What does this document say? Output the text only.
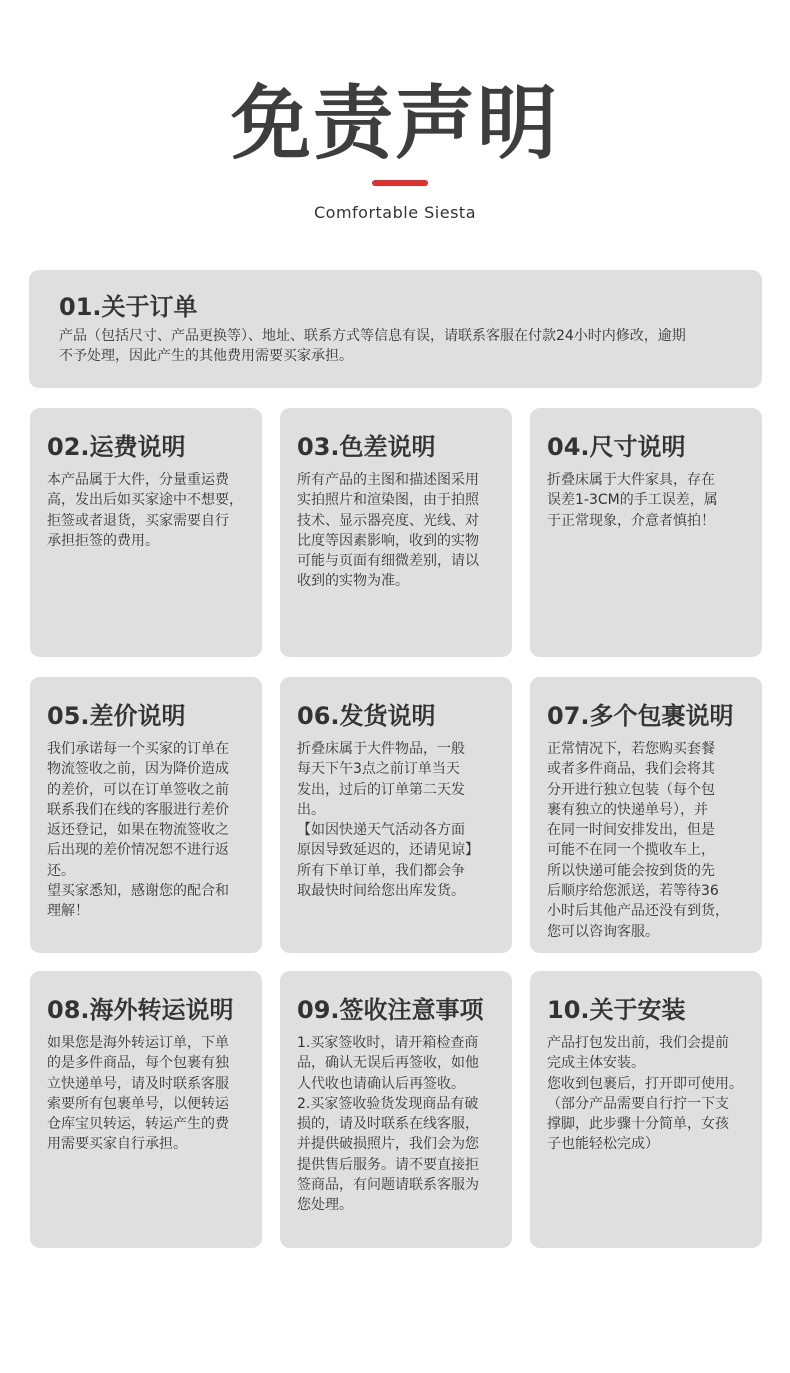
免责声明
Comfortable Siesta
01.关于订单
产品（包括尺寸、产品更换等）、地址、联系方式等信息有误，请联系客服在付款24小时内修改，逾期
不予处理，因此产生的其他费用需要买家承担。
02.运费说明
本产品属于大件，分量重运费
高，发出后如买家途中不想要，
拒签或者退货，买家需要自行
承担拒签的费用。
03.色差说明
所有产品的主图和描述图采用
实拍照片和渲染图，由于拍照
技术、显示器亮度、光线、对
比度等因素影响，收到的实物
可能与页面有细微差别，请以
收到的实物为准。
04.尺寸说明
折叠床属于大件家具，存在
误差1-3CM的手工误差，属
于正常现象，介意者慎拍！
05.差价说明
我们承诺每一个买家的订单在
物流签收之前，因为降价造成
的差价，可以在订单签收之前
联系我们在线的客服进行差价
返还登记，如果在物流签收之
后出现的差价情况恕不进行返
还。
望买家悉知，感谢您的配合和
理解！
06.发货说明
折叠床属于大件物品，一般
每天下午3点之前订单当天
发出，过后的订单第二天发
出。
【如因快递天气活动各方面
原因导致延迟的，还请见谅】
所有下单订单，我们都会争
取最快时间给您出库发货。
07.多个包裹说明
正常情况下，若您购买套餐
或者多件商品，我们会将其
分开进行独立包装（每个包
裹有独立的快递单号），并
在同一时间安排发出，但是
可能不在同一个揽收车上，
所以快递可能会按到货的先
后顺序给您派送，若等待36
小时后其他产品还没有到货，
您可以咨询客服。
08.海外转运说明
如果您是海外转运订单，下单
的是多件商品，每个包裹有独
立快递单号，请及时联系客服
索要所有包裹单号，以便转运
仓库宝贝转运，转运产生的费
用需要买家自行承担。
09.签收注意事项
1.买家签收时，请开箱检查商
品，确认无误后再签收，如他
人代收也请确认后再签收。
2.买家签收验货发现商品有破
损的，请及时联系在线客服，
并提供破损照片，我们会为您
提供售后服务。请不要直接拒
签商品，有问题请联系客服为
您处理。
10.关于安装
产品打包发出前，我们会提前
完成主体安装。
您收到包裹后，打开即可使用。
（部分产品需要自行拧一下支
撑脚，此步骤十分简单，女孩
子也能轻松完成）
